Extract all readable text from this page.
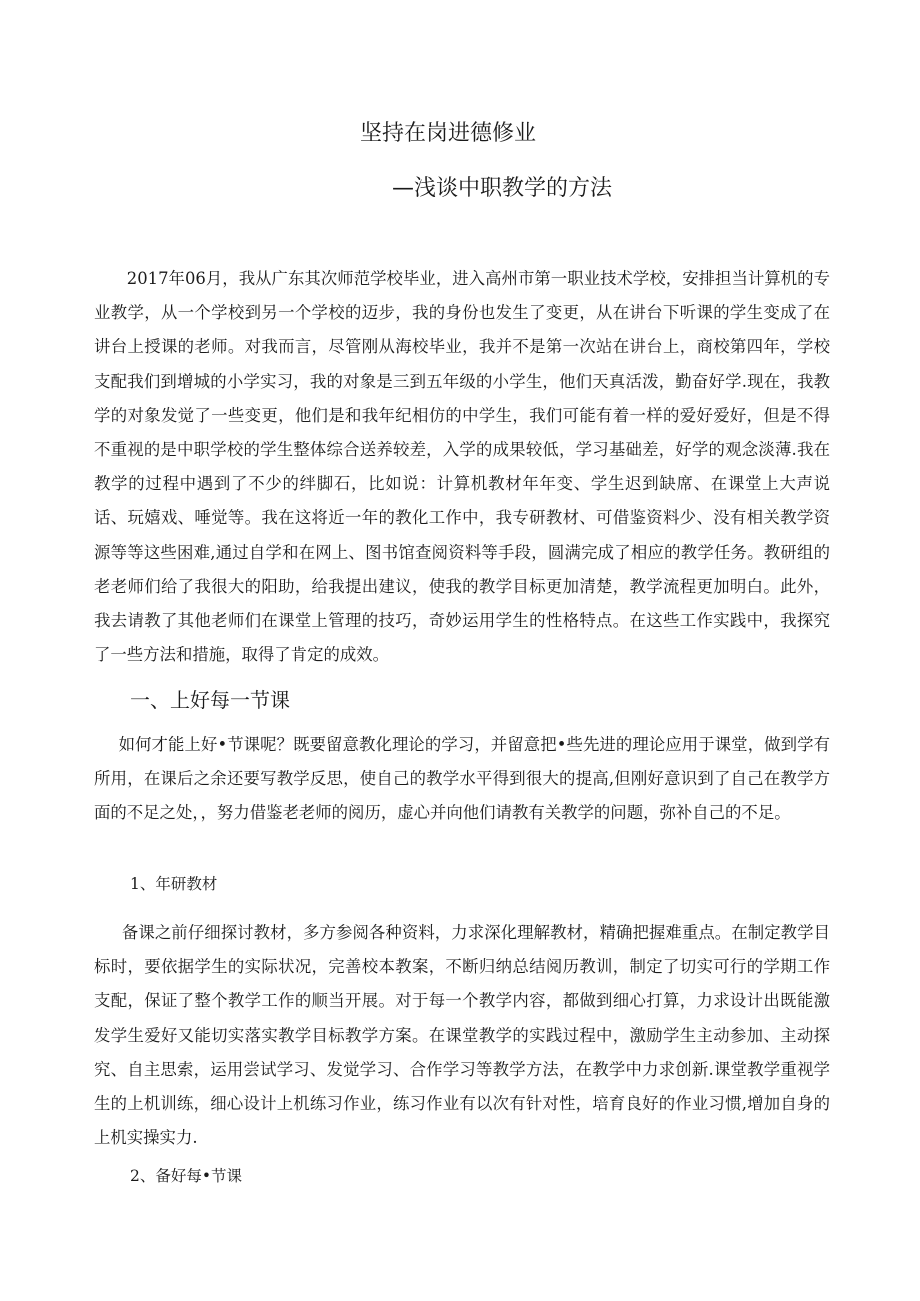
坚持在岗进德修业
—浅谈中职教学的方法

2017年06月，我从广东其次师范学校毕业，进入高州市第一职业技术学校，安排担当计算机的专业教学，从一个学校到另一个学校的迈步，我的身份也发生了变更，从在讲台下听课的学生变成了在讲台上授课的老师。对我而言，尽管刚从海校毕业，我并不是第一次站在讲台上，商校第四年，学校支配我们到增城的小学实习，我的对象是三到五年级的小学生，他们天真活泼，勤奋好学.现在，我教学的对象发觉了一些变更，他们是和我年纪相仿的中学生，我们可能有着一样的爱好爱好，但是不得不重视的是中职学校的学生整体综合送养较差，入学的成果较低，学习基础差，好学的观念淡薄.我在教学的过程中遇到了不少的绊脚石，比如说：计算机教材年年变、学生迟到缺席、在课堂上大声说话、玩嬉戏、唾觉等。我在这将近一年的教化工作中，我专研教材、可借鉴资料少、没有相关教学资源等等这些困难,通过自学和在网上、图书馆查阅资料等手段，圆满完成了相应的教学任务。教研组的老老师们给了我很大的阳助，给我提出建议，使我的教学目标更加清楚，教学流程更加明白。此外，我去请教了其他老师们在课堂上管理的技巧，奇妙运用学生的性格特点。在这些工作实践中，我探究了一些方法和措施，取得了肯定的成效。

一、上好每一节课

如何才能上好•节课呢？既要留意教化理论的学习，并留意把•些先进的理论应用于课堂，做到学有所用，在课后之余还要写教学反思，使自己的教学水平得到很大的提高,但刚好意识到了自己在教学方面的不足之处，，努力借鉴老老师的阅历，虚心并向他们请教有关教学的问题，弥补自己的不足。

1、年研教材

备课之前仔细探讨教材，多方参阅各种资料，力求深化理解教材，精确把握难重点。在制定教学目标时，要依据学生的实际状况，完善校本教案，不断归纳总结阅历教训，制定了切实可行的学期工作支配，保证了整个教学工作的顺当开展。对于每一个教学内容，都做到细心打算，力求设计出既能激发学生爱好又能切实落实教学目标教学方案。在课堂教学的实践过程中，激励学生主动参加、主动探究、自主思索，运用尝试学习、发觉学习、合作学习等教学方法，在教学中力求创新.课堂教学重视学生的上机训练，细心设计上机练习作业，练习作业有以次有针对性，培育良好的作业习惯,增加自身的上机实操实力.

2、备好每•节课
